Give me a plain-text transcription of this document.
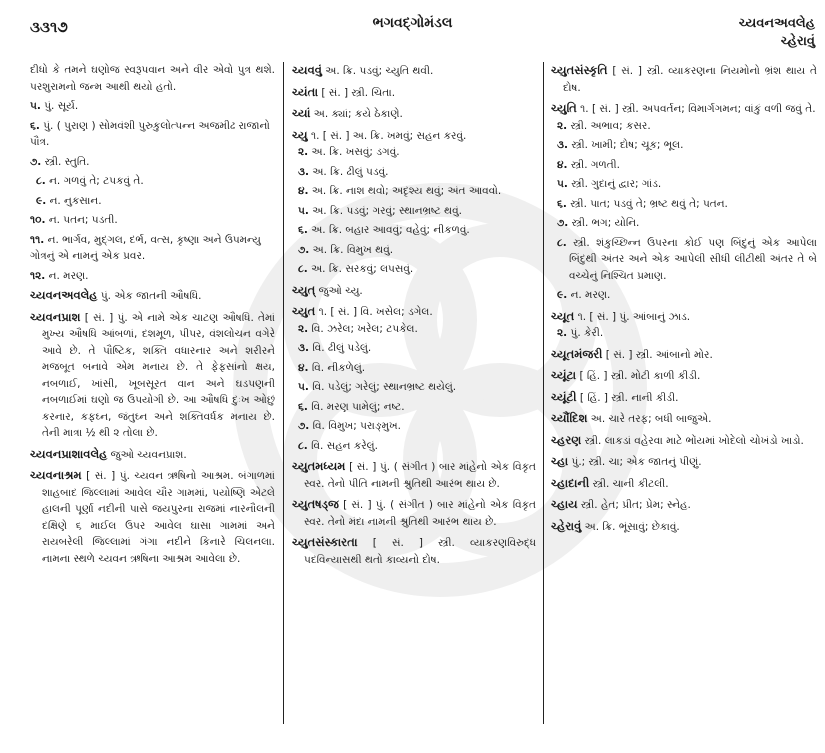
૩૩૧૭	ભગવદ્ગોમંડલ	ચ્યવનઅવલેહ
ચ્હેરાવું
દીધો કે તમને ઘણોજ સ્વરૂપવાન અને વીર એવો પુત્ર થશે. પરશુરામનો જન્મ આથી થયો હતો.
૫. પું. સૂર્ય.
૬. પું. ( પુરાણ ) સોમવંશી પુરુકુલોત્પન્ન અજમીઢ રાજાનો પૌત્ર.
૭. સ્ત્રી. સ્તુતિ.
૮. ન. ગળવું તે; ટપકવું તે.
૯. ન. નુકસાન.
૧૦. ન. પતન; પડતી.
૧૧. ન. ભાર્ગવ, મુદ્ગલ, દર્ભ, વત્સ, કૃષ્ણા અને ઉપમન્યુ ગોત્રનું એ નામનું એક પ્રવર.
૧૨. ન. મરણ.
ચ્યવનઅવલેહ પું. એક જાતની ઔષધિ.
ચ્યવનપ્રાશ [ સં. ] પું. એ નામે એક ચાટણ ઔષધિ. તેમાં મુખ્ય ઔષધિ આંબળાં, દશમૂળ, પીપર, વંશલોચન વગેરે આવે છે. તે પૌષ્ટિક, શક્તિ વધારનાર અને શરીરને મજબૂત બનાવે એમ મનાય છે. તે ફેફસાંનો ક્ષય, નબળાઈ, ખાંસી, ખૂબસૂરત વાન અને ઘડપણની નબળાઈમાં ઘણો જ ઉપયોગી છે. આ ઔષધિ દુઃખ ઓછું કરનાર, કફઘ્ન, જંતુઘ્ન અને શક્તિવર્ધક મનાય છે. તેની માત્રા ½ થી ૨ તોલા છે.
ચ્યવનપ્રાશાવલેહ જુઓ ચ્યવનપ્રાશ.
ચ્યવનાશ્રમ [ સં. ] પું. ચ્યવન ઋષિનો આશ્રમ. બંગાળમાં શાહબાદ જિલ્લામાં આવેલ ચૌર ગામમાં, પયોષ્ણિ એટલે હાલની પૂર્ણા નદીની પાસે જયપુરના રાજમાં નારનૌલની દક્ષિણે ૬ માઈલ ઉપર આવેલ ઘાસા ગામમાં અને રાયબરેલી જિલ્લામાં ગંગા નદીને કિનારે ચિલનલા. નામના સ્થળે ચ્યવન ઋષિના આશ્રમ આવેલા છે.
ચ્યવવું અ. ક્રિ. પડવું; ચ્યુતિ થવી.
ચ્યંતા [ સં. ] સ્ત્રી. ચિતા.
ચ્યાં અ. ક્યાં; કયે ઠેકાણે.
ચ્યુ ૧. [ સં. ] અ. ક્રિ. ખમવું; સહન કરવું.
૨. અ. ક્રિ. ખસવું; ડગવું.
૩. અ. ક્રિ. ઢીલું પડવું.
૪. અ. ક્રિ. નાશ થવો; અદૃશ્ય થવું; અંત આવવો.
૫. અ. ક્રિ. પડવું; ગરવું; સ્થાનભ્રષ્ટ થવું.
૬. અ. ક્રિ. બહાર આવવું; વહેવું; નીકળવું.
૭. અ. ક્રિ. વિમુખ થવું.
૮. અ. ક્રિ. સરકવું; લપસવું.
ચ્યુત્ જુઓ ચ્યુ.
ચ્યુત ૧. [ સં. ] વિ. ખસેલ; ડગેલ.
૨. વિ. ઝરેલ; ખરેલ; ટપકેલ.
૩. વિ. ઢીલું પડેલું.
૪. વિ. નીકળેલું.
૫. વિ. પડેલું; ગરેલું; સ્થાનભ્રષ્ટ થયેલું.
૬. વિ. મરણ પામેલું; નષ્ટ.
૭. વિ. વિમુખ; પરાઙ્મુખ.
૮. વિ. સહન કરેલું.
ચ્યુતમધ્યમ [ સં. ] પું. ( સંગીત ) બાર માંહેનો એક વિકૃત સ્વર. તેનો પીતિ નામની શ્રુતિથી આરંભ થાય છે.
ચ્યુતષડ્જ [ સં. ] પું. ( સંગીત ) બાર માંહેનો એક વિકૃત સ્વર. તેનો મંદા નામની શ્રુતિથી આરંભ થાય છે.
ચ્યુતસંસ્કારતા [ સં. ] સ્ત્રી. વ્યાકરણવિરુદ્ધ પદવિન્યાસથી થતો કાવ્યનો દોષ.
ચ્યુતસંસ્કૃતિ [ સં. ] સ્ત્રી. વ્યાકરણના નિયમોનો ભ્રંશ થાય તે દોષ.
ચ્યુતિ ૧. [ સં. ] સ્ત્રી. અપવર્તન; વિમાર્ગગમન; વાંકું વળી જવું તે.
૨. સ્ત્રી. અભાવ; કસર.
૩. સ્ત્રી. ખામી; દોષ; ચૂક; ભૂલ.
૪. સ્ત્રી. ગળતી.
૫. સ્ત્રી. ગુદાનું દ્વાર; ગાંડ.
૬. સ્ત્રી. પાત; પડવું તે; ભ્રષ્ટ થવું તે; પતન.
૭. સ્ત્રી. ભગ; યોનિ.
૮. સ્ત્રી. શંકુચ્છિન્ન ઉપરના કોઈ પણ બિંદુનું એક આપેલા બિંદુથી અંતર અને એક આપેલી સીધી લીટીથી અંતર તે બે વચ્ચેનું નિશ્ચિત પ્રમાણ.
૯. ન. મરણ.
ચ્યૂત ૧. [ સં. ] પું. આંબાનું ઝાડ.
૨. પું. કેરી.
ચ્યૂતમંજરી [ સં. ] સ્ત્રી. આંબાનો મોર.
ચ્યૂંટા [ હિં. ] સ્ત્રી. મોટી કાળી કીડી.
ચ્યૂંટી [ હિં. ] સ્ત્રી. નાની કીડી.
ચ્યૌંદિશ અ. ચારે તરફ; બધી બાજુએ.
ચ્હરણ સ્ત્રી. લાકડાં વહેરવા માટે ભોંયમાં ખોદેલો ચોખંડો ખાડો.
ચ્હા પું.; સ્ત્રી. ચા; એક જાતનું પીણું.
ચ્હાદાની સ્ત્રી. ચાની કીટલી.
ચ્હાય સ્ત્રી. હેત; પ્રીત; પ્રેમ; સ્નેહ.
ચ્હેરાવું અ. ક્રિ. ભૂંસાવું; છેકાવું.
